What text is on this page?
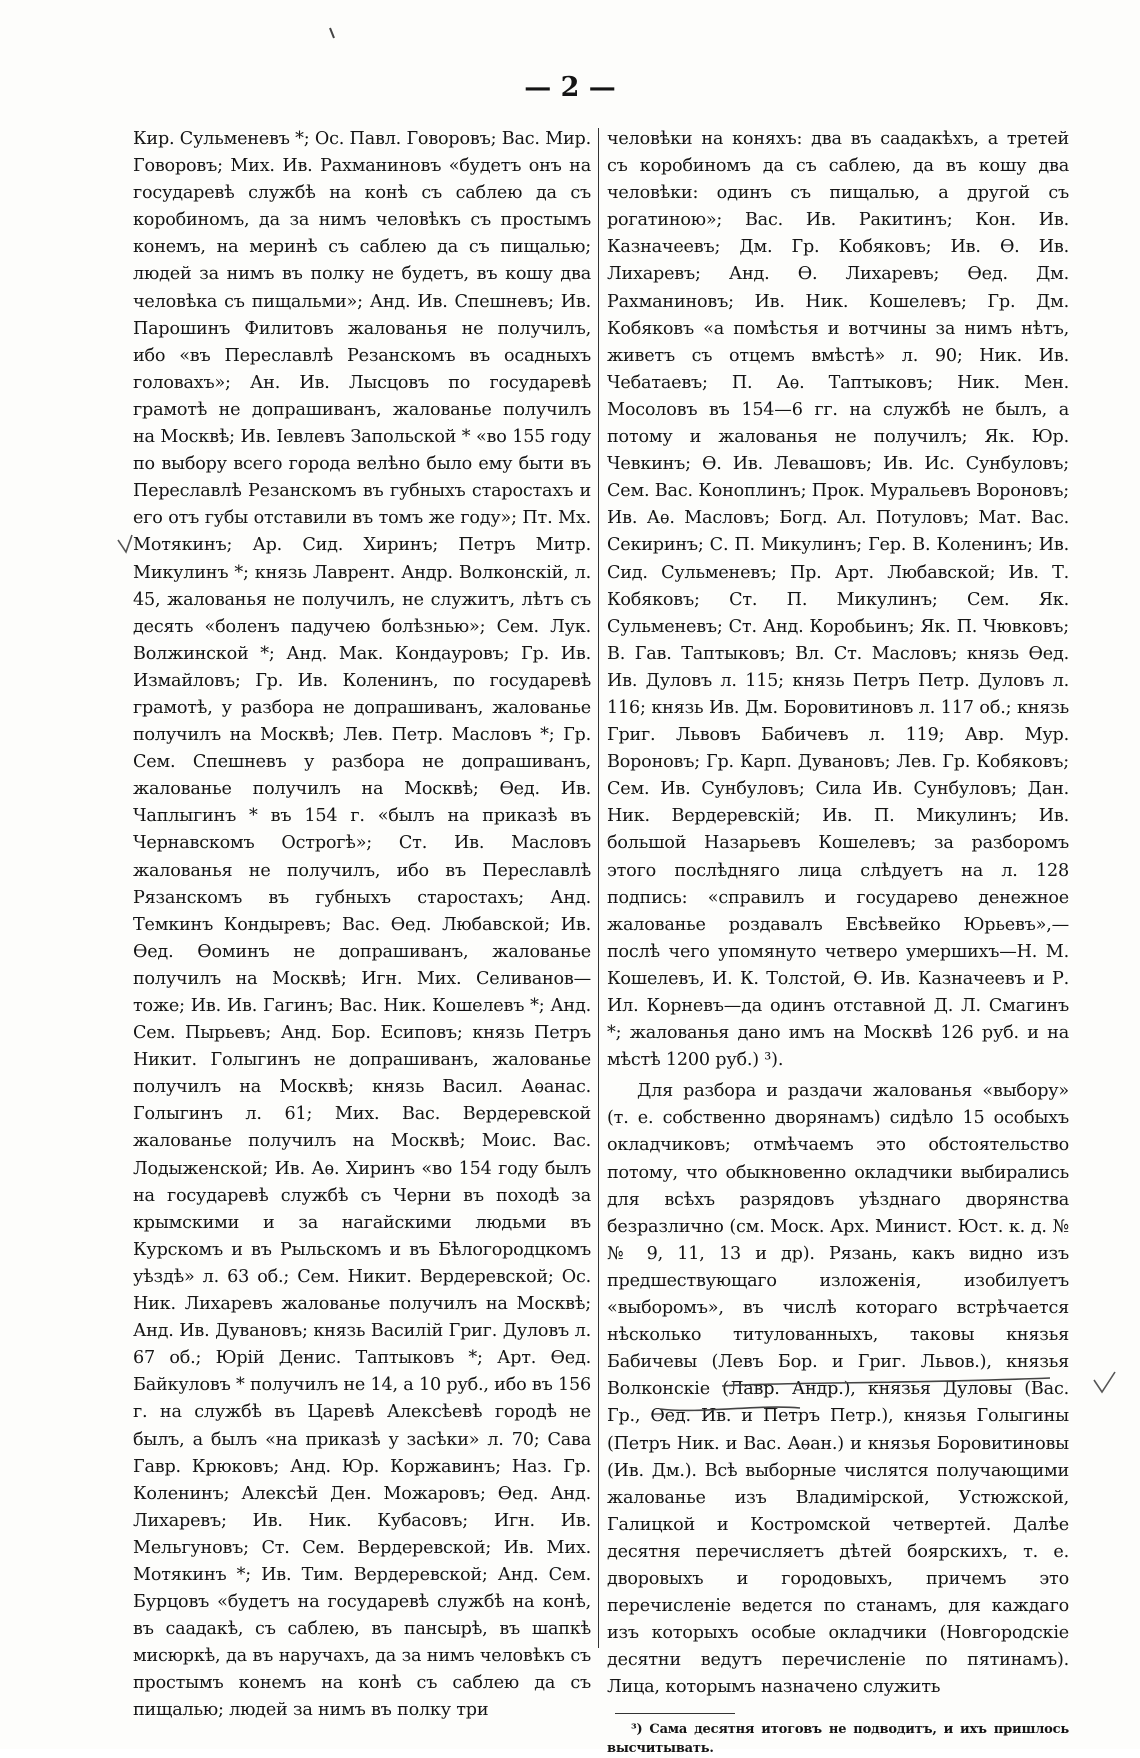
— 2 —

Кир. Сульменевъ *; Ос. Павл. Говоровъ; Вас. Мир. Говоровъ; Мих. Ив. Рахманиновъ «будетъ онъ на государевѣ службѣ на конѣ съ саблею да съ коробиномъ, да за нимъ человѣкъ съ простымъ конемъ, на меринѣ съ саблею да съ пищалью; людей за нимъ въ полку не будетъ, въ кошу два человѣка съ пищальми»; Анд. Ив. Спешневъ; Ив. Парошинъ Филитовъ жалованья не получилъ, ибо «въ Переславлѣ Резанскомъ въ осадныхъ головахъ»; Ан. Ив. Лысцовъ по государевѣ грамотѣ не допрашиванъ, жалованье получилъ на Москвѣ; Ив. Іевлевъ Запольской * «во 155 году по выбору всего города велѣно было ему быти въ Переславлѣ Резанскомъ въ губныхъ старостахъ и его отъ губы отставили въ томъ же году»; Пт. Мх. Мотякинъ; Ар. Сид. Хиринъ; Петръ Митр. Микулинъ *; князь Лаврент. Андр. Волконскій, л. 45, жалованья не получилъ, не служитъ, лѣтъ съ десять «боленъ падучею болѣзнью»; Сем. Лук. Волжинской *; Анд. Мак. Кондауровъ; Гр. Ив. Измайловъ; Гр. Ив. Коленинъ, по государевѣ грамотѣ, у разбора не допрашиванъ, жалованье получилъ на Москвѣ; Лев. Петр. Масловъ *; Гр. Сем. Спешневъ у разбора не допрашиванъ, жалованье получилъ на Москвѣ; Ѳед. Ив. Чаплыгинъ * въ 154 г. «былъ на приказѣ въ Чернавскомъ Острогѣ»; Ст. Ив. Масловъ жалованья не получилъ, ибо въ Переславлѣ Рязанскомъ въ губныхъ старостахъ; Анд. Темкинъ Кондыревъ; Вас. Ѳед. Любавской; Ив. Ѳед. Ѳоминъ не допрашиванъ, жалованье получилъ на Москвѣ; Игн. Мих. Селиванов—тоже; Ив. Ив. Гагинъ; Вас. Ник. Кошелевъ *; Анд. Сем. Пырьевъ; Анд. Бор. Есиповъ; князь Петръ Никит. Голыгинъ не допрашиванъ, жалованье получилъ на Москвѣ; князь Васил. Аѳанас. Голыгинъ л. 61; Мих. Вас. Вердеревской жалованье получилъ на Москвѣ; Моис. Вас. Лодыженской; Ив. Аѳ. Хиринъ «во 154 году былъ на государевѣ службѣ съ Черни въ походѣ за крымскими и за нагайскими людьми въ Курскомъ и въ Рыльскомъ и въ Бѣлогородцкомъ уѣздѣ» л. 63 об.; Сем. Никит. Вердеревской; Ос. Ник. Лихаревъ жалованье получилъ на Москвѣ; Анд. Ив. Дувановъ; князь Василій Григ. Дуловъ л. 67 об.; Юрій Денис. Таптыковъ *; Арт. Ѳед. Байкуловъ * получилъ не 14, а 10 руб., ибо въ 156 г. на службѣ въ Царевѣ Алексѣевѣ городѣ не былъ, а былъ «на приказѣ у засѣки» л. 70; Сава Гавр. Крюковъ; Анд. Юр. Коржавинъ; Наз. Гр. Коленинъ; Алексѣй Ден. Можаровъ; Ѳед. Анд. Лихаревъ; Ив. Ник. Кубасовъ; Игн. Ив. Мельгуновъ; Ст. Сем. Вердеревской; Ив. Мих. Мотякинъ *; Ив. Тим. Вердеревской; Анд. Сем. Бурцовъ «будетъ на государевѣ службѣ на конѣ, въ саадакѣ, съ саблею, въ пансырѣ, въ шапкѣ мисюркѣ, да въ наручахъ, да за нимъ человѣкъ съ простымъ конемъ на конѣ съ саблею да съ пищалью; людей за нимъ въ полку три

человѣки на коняхъ: два въ саадакѣхъ, а третей съ коробиномъ да съ саблею, да въ кошу два человѣки: одинъ съ пищалью, а другой съ рогатиною»; Вас. Ив. Ракитинъ; Кон. Ив. Казначеевъ; Дм. Гр. Кобяковъ; Ив. Ѳ. Ив. Лихаревъ; Анд. Ѳ. Лихаревъ; Ѳед. Дм. Рахманиновъ; Ив. Ник. Кошелевъ; Гр. Дм. Кобяковъ «а помѣстья и вотчины за нимъ нѣтъ, живетъ съ отцемъ вмѣстѣ» л. 90; Ник. Ив. Чебатаевъ; П. Аѳ. Таптыковъ; Ник. Мен. Мосоловъ въ 154—6 гг. на службѣ не былъ, а потому и жалованья не получилъ; Як. Юр. Чевкинъ; Ѳ. Ив. Левашовъ; Ив. Ис. Сунбуловъ; Сем. Вас. Коноплинъ; Прок. Муральевъ Вороновъ; Ив. Аѳ. Масловъ; Богд. Ал. Потуловъ; Мат. Вас. Секиринъ; С. П. Микулинъ; Гер. В. Коленинъ; Ив. Сид. Сульменевъ; Пр. Арт. Любавской; Ив. Т. Кобяковъ; Ст. П. Микулинъ; Сем. Як. Сульменевъ; Ст. Анд. Коробьинъ; Як. П. Чювковъ; В. Гав. Таптыковъ; Вл. Ст. Масловъ; князь Ѳед. Ив. Дуловъ л. 115; князь Петръ Петр. Дуловъ л. 116; князь Ив. Дм. Боровитиновъ л. 117 об.; князь Григ. Львовъ Бабичевъ л. 119; Авр. Мур. Вороновъ; Гр. Карп. Дувановъ; Лев. Гр. Кобяковъ; Сем. Ив. Сунбуловъ; Сила Ив. Сунбуловъ; Дан. Ник. Вердеревскій; Ив. П. Микулинъ; Ив. большой Назарьевъ Кошелевъ; за разборомъ этого послѣдняго лица слѣдуетъ на л. 128 подпись: «справилъ и государево денежное жалованье роздавалъ Евсѣвейко Юрьевъ»,—послѣ чего упомянуто четверо умершихъ—Н. М. Кошелевъ, И. К. Толстой, Ѳ. Ив. Казначеевъ и Р. Ил. Корневъ—да одинъ отставной Д. Л. Смагинъ *; жалованья дано имъ на Москвѣ 126 руб. и на мѣстѣ 1200 руб.) ³).

Для разбора и раздачи жалованья «выбору» (т. е. собственно дворянамъ) сидѣло 15 особыхъ окладчиковъ; отмѣчаемъ это обстоятельство потому, что обыкновенно окладчики выбирались для всѣхъ разрядовъ уѣзднаго дворянства безразлично (см. Моск. Арх. Минист. Юст. к. д. №№ 9, 11, 13 и др). Рязань, какъ видно изъ предшествующаго изложенія, изобилуетъ «выборомъ», въ числѣ котораго встрѣчается нѣсколько титулованныхъ, таковы князья Бабичевы (Левъ Бор. и Григ. Львов.), князья Волконскіе (Лавр. Андр.), князья Дуловы (Вас. Гр., Ѳед. Ив. и Петръ Петр.), князья Голыгины (Петръ Ник. и Вас. Аѳан.) и князья Боровитиновы (Ив. Дм.). Всѣ выборные числятся получающими жалованье изъ Владимірской, Устюжской, Галицкой и Костромской четвертей. Далѣе десятня перечисляетъ дѣтей боярскихъ, т. е. дворовыхъ и городовыхъ, причемъ это перечисленіе ведется по станамъ, для каждаго изъ которыхъ особые окладчики (Новгородскіе десятни ведутъ перечисленіе по пятинамъ). Лица, которымъ назначено служить

³) Сама десятня итоговъ не подводитъ, и ихъ пришлось высчитывать.
